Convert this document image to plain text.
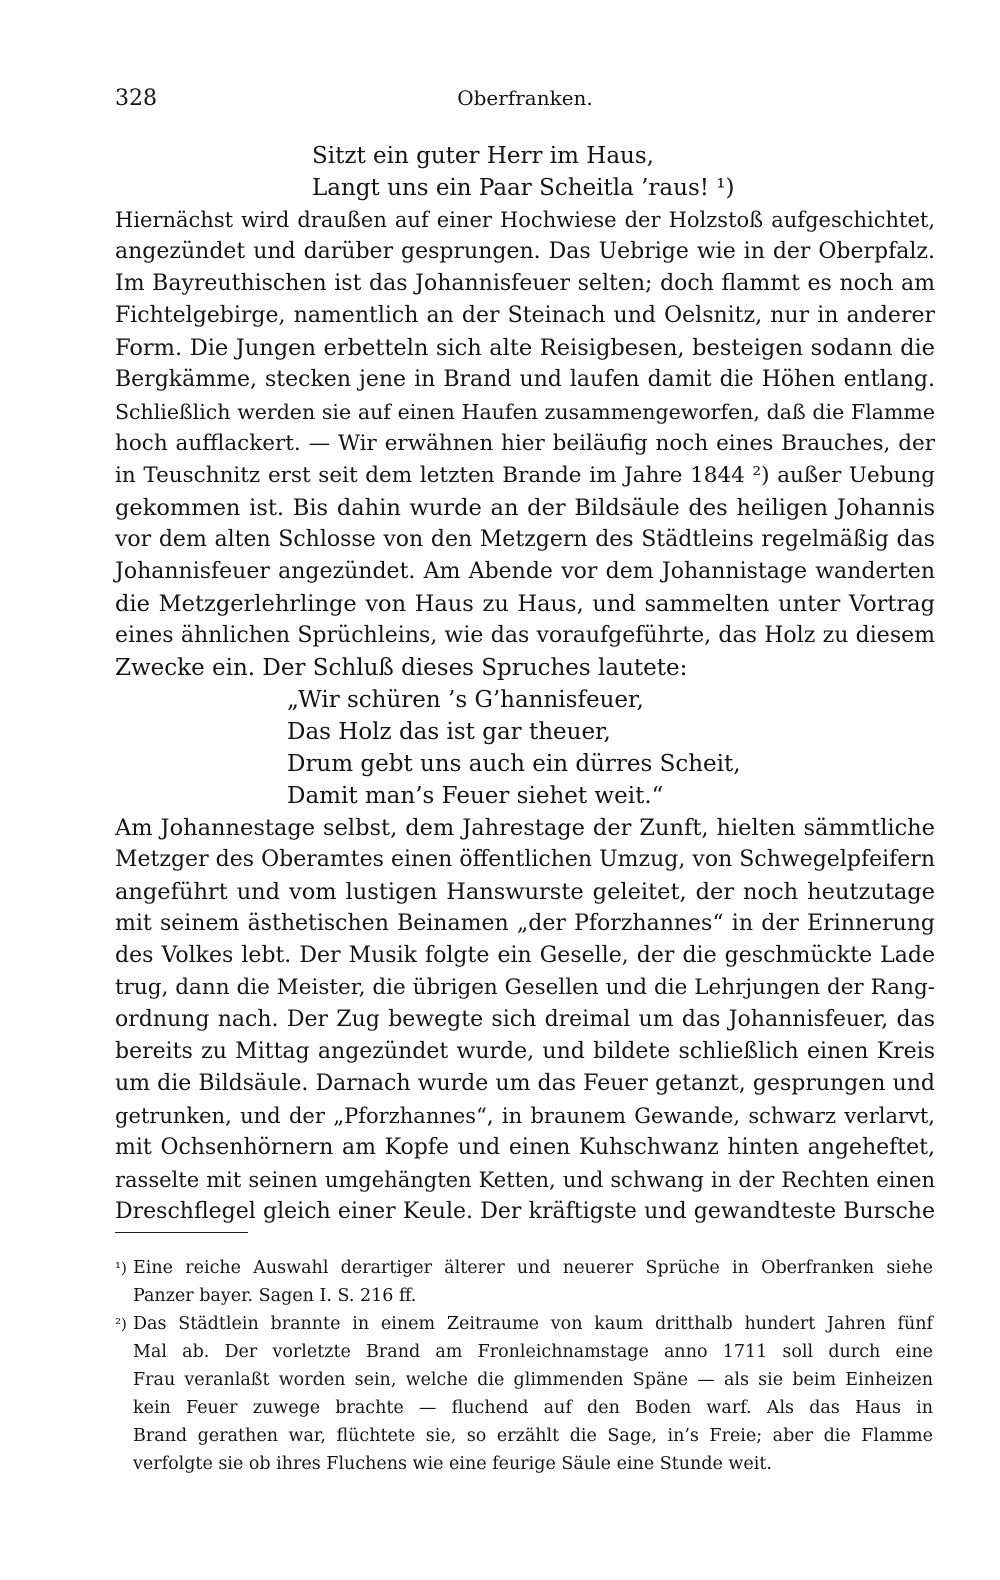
328	Oberfranken.
Sitzt ein guter Herr im Haus,
Langt uns ein Paar Scheitla ’raus! ¹)
Hiernächst wird draußen auf einer Hochwiese der Holzstoß aufgeschichtet,
angezündet und darüber gesprungen. Das Uebrige wie in der Oberpfalz.
Im Bayreuthischen ist das Johannisfeuer selten; doch flammt es noch am
Fichtelgebirge, namentlich an der Steinach und Oelsnitz, nur in anderer
Form. Die Jungen erbetteln sich alte Reisigbesen, besteigen sodann die
Bergkämme, stecken jene in Brand und laufen damit die Höhen entlang.
Schließlich werden sie auf einen Haufen zusammengeworfen, daß die Flamme
hoch aufflackert. — Wir erwähnen hier beiläufig noch eines Brauches, der
in Teuschnitz erst seit dem letzten Brande im Jahre 1844 ²) außer Uebung
gekommen ist. Bis dahin wurde an der Bildsäule des heiligen Johannis
vor dem alten Schlosse von den Metzgern des Städtleins regelmäßig das
Johannisfeuer angezündet. Am Abende vor dem Johannistage wanderten
die Metzgerlehrlinge von Haus zu Haus, und sammelten unter Vortrag
eines ähnlichen Sprüchleins, wie das voraufgeführte, das Holz zu diesem
Zwecke ein. Der Schluß dieses Spruches lautete:
„Wir schüren ’s G’hannisfeuer,
Das Holz das ist gar theuer,
Drum gebt uns auch ein dürres Scheit,
Damit man’s Feuer siehet weit.“
Am Johannestage selbst, dem Jahrestage der Zunft, hielten sämmtliche
Metzger des Oberamtes einen öffentlichen Umzug, von Schwegelpfeifern
angeführt und vom lustigen Hanswurste geleitet, der noch heutzutage
mit seinem ästhetischen Beinamen „der Pforzhannes“ in der Erinnerung
des Volkes lebt. Der Musik folgte ein Geselle, der die geschmückte Lade
trug, dann die Meister, die übrigen Gesellen und die Lehrjungen der Rang-
ordnung nach. Der Zug bewegte sich dreimal um das Johannisfeuer, das
bereits zu Mittag angezündet wurde, und bildete schließlich einen Kreis
um die Bildsäule. Darnach wurde um das Feuer getanzt, gesprungen und
getrunken, und der „Pforzhannes“, in braunem Gewande, schwarz verlarvt,
mit Ochsenhörnern am Kopfe und einen Kuhschwanz hinten angeheftet,
rasselte mit seinen umgehängten Ketten, und schwang in der Rechten einen
Dreschflegel gleich einer Keule. Der kräftigste und gewandteste Bursche
¹) Eine reiche Auswahl derartiger älterer und neuerer Sprüche in Oberfranken siehe
Panzer bayer. Sagen I. S. 216 ff.
²) Das Städtlein brannte in einem Zeitraume von kaum dritthalb hundert Jahren fünf
Mal ab. Der vorletzte Brand am Fronleichnamstage anno 1711 soll durch eine
Frau veranlaßt worden sein, welche die glimmenden Späne — als sie beim Einheizen
kein Feuer zuwege brachte — fluchend auf den Boden warf. Als das Haus in
Brand gerathen war, flüchtete sie, so erzählt die Sage, in’s Freie; aber die Flamme
verfolgte sie ob ihres Fluchens wie eine feurige Säule eine Stunde weit.
